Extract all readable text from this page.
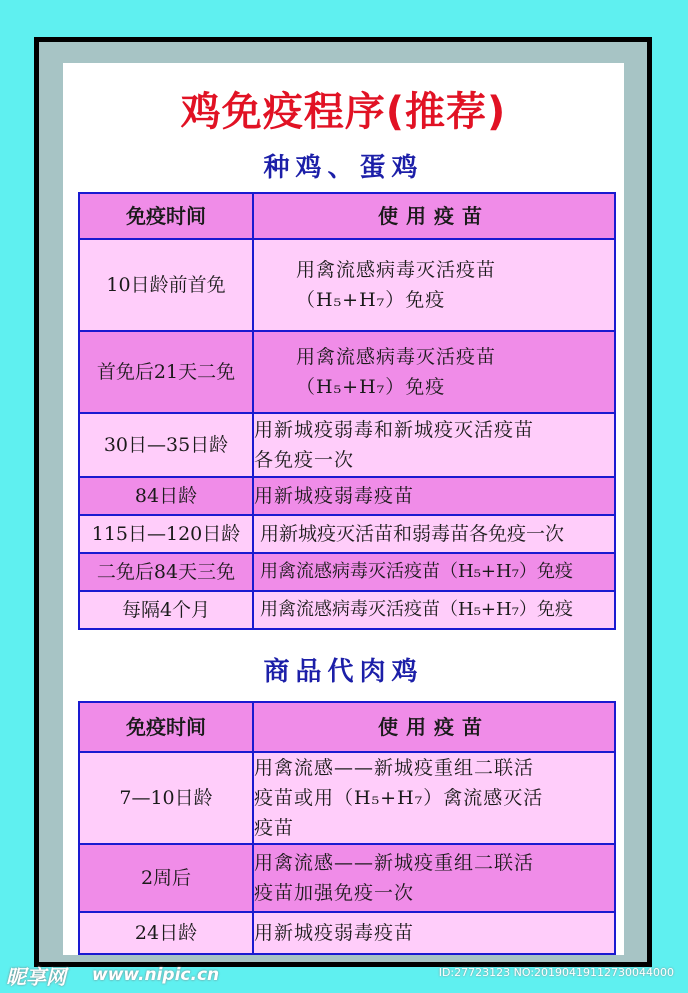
鸡免疫程序(推荐)
种鸡、蛋鸡
免疫时间	使用疫苗
10日龄前首免	用禽流感病毒灭活疫苗
（H₅+H₇）免疫

首免后21天二免	用禽流感病毒灭活疫苗
（H₅+H₇）免疫

30日—35日龄	用新城疫弱毒和新城疫灭活疫苗
各免疫一次

84日龄	用新城疫弱毒疫苗
115日—120日龄	用新城疫灭活苗和弱毒苗各免疫一次
二免后84天三免	用禽流感病毒灭活疫苗（H₅+H₇）免疫
每隔4个月	用禽流感病毒灭活疫苗（H₅+H₇）免疫
商品代肉鸡
免疫时间	使用疫苗
7—10日龄	用禽流感——新城疫重组二联活
疫苗或用（H₅+H₇）禽流感灭活
疫苗

2周后	用禽流感——新城疫重组二联活
疫苗加强免疫一次

24日龄	用新城疫弱毒疫苗
昵享网 www.nipic.cn	ID:27723123 NO:20190419112730044000
